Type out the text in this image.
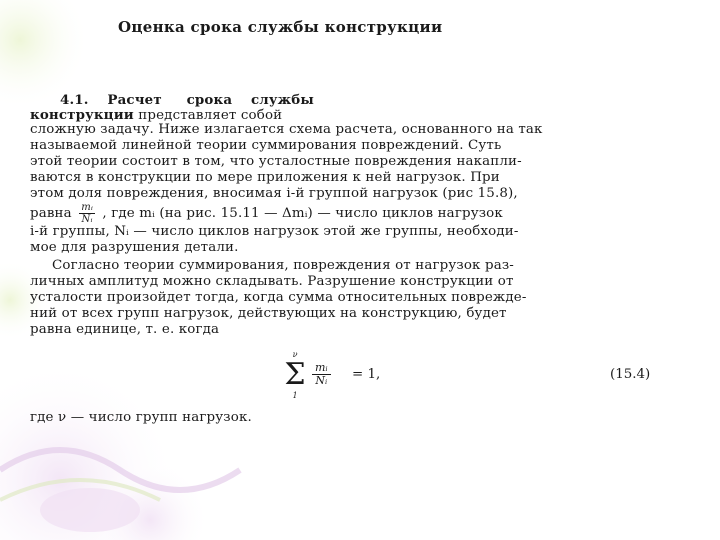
Оценка срока службы конструкции
4.1. Расчет срока службы
конструкции представляет собой
сложную задачу. Ниже излагается схема расчета, основанного на так
называемой линейной теории суммирования повреждений. Суть
этой теории состоит в том, что усталостные повреждения накапли-
ваются в конструкции по мере приложения к ней нагрузок. При
этом доля повреждения, вносимая i-й группой нагрузок (рис 15.8),
равна $\frac{\text{mᵢ}}{\text{Nᵢ}}$ , где mᵢ (на рис. 15.11 — Δmᵢ) — число циклов нагрузок
i-й группы, Nᵢ — число циклов нагрузок этой же группы, необходи-
мое для разрушения детали.
Согласно теории суммирования, повреждения от нагрузок раз-
личных амплитуд можно складывать. Разрушение конструкции от
усталости произойдет тогда, когда сумма относительных поврежде-
ний от всех групп нагрузок, действующих на конструкцию, будет
равна единице, т. е. когда
ν
Σ
1
$\frac{\text{mᵢ}}{\text{Nᵢ}} = 1$,	(15.4)
где ν — число групп нагрузок.
